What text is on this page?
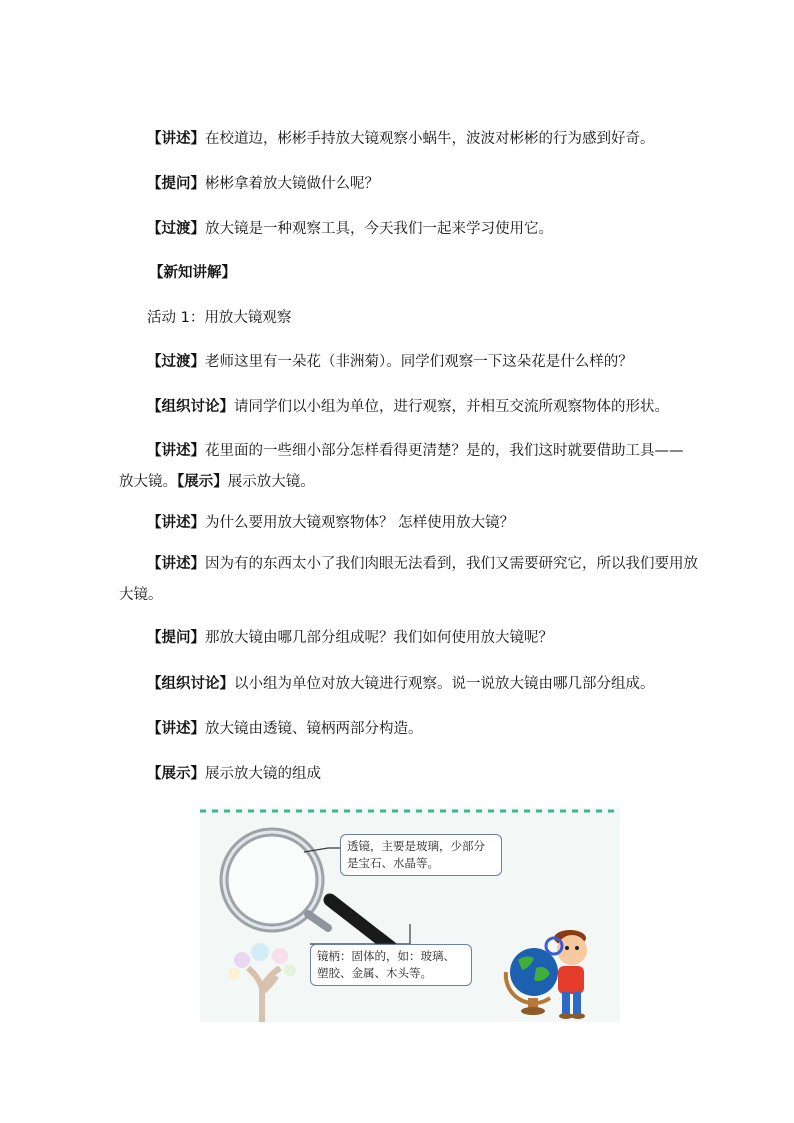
【讲述】在校道边，彬彬手持放大镜观察小蜗牛，波波对彬彬的行为感到好奇。
【提问】彬彬拿着放大镜做什么呢？
【过渡】放大镜是一种观察工具，今天我们一起来学习使用它。
【新知讲解】
活动 1：用放大镜观察
【过渡】老师这里有一朵花（非洲菊）。同学们观察一下这朵花是什么样的？
【组织讨论】请同学们以小组为单位，进行观察，并相互交流所观察物体的形状。
【讲述】花里面的一些细小部分怎样看得更清楚？是的，我们这时就要借助工具——
放大镜。【展示】展示放大镜。
【讲述】为什么要用放大镜观察物体？ 怎样使用放大镜？
【讲述】因为有的东西太小了我们肉眼无法看到，我们又需要研究它，所以我们要用放
大镜。
【提问】那放大镜由哪几部分组成呢？我们如何使用放大镜呢？
【组织讨论】以小组为单位对放大镜进行观察。说一说放大镜由哪几部分组成。
【讲述】放大镜由透镜、镜柄两部分构造。
【展示】展示放大镜的组成
透镜，主要是玻璃，少部分
是宝石、水晶等。
镜柄：固体的，如：玻璃、
塑胶、金属、木头等。
